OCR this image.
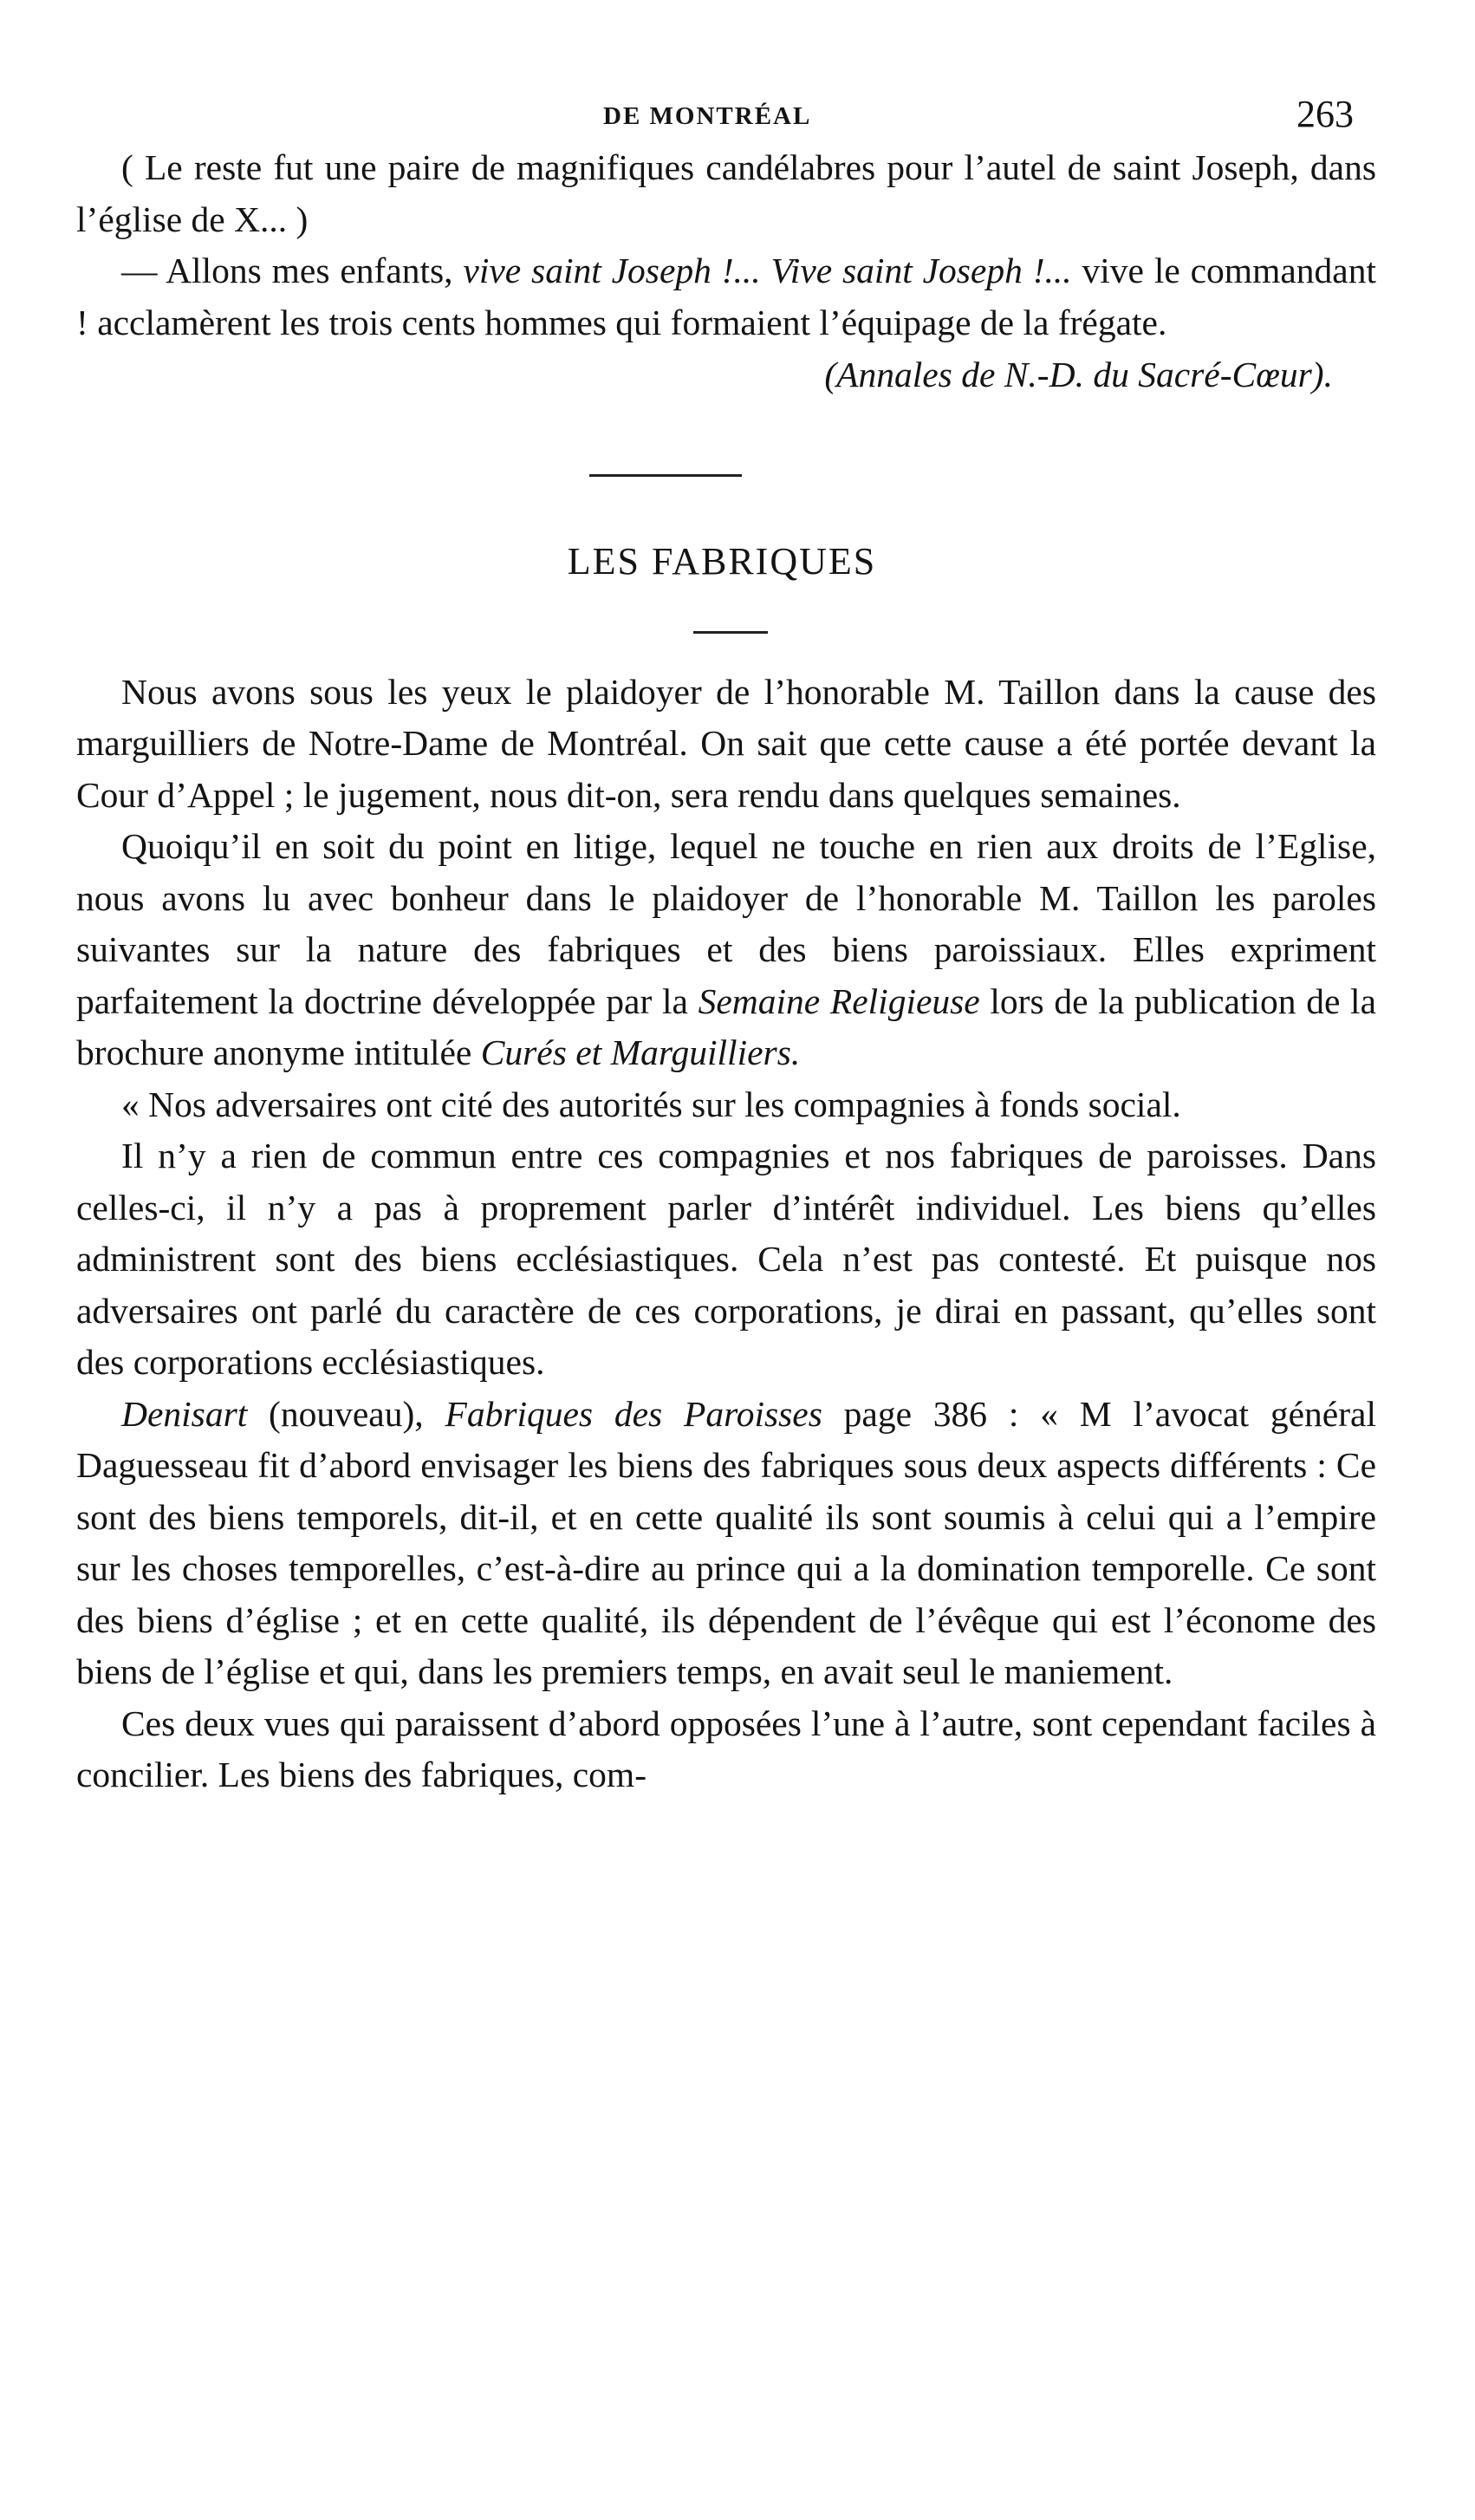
DE MONTRÉAL	263

( Le reste fut une paire de magnifiques candélabres pour l’autel de saint Joseph, dans l’église de X... )

— Allons mes enfants, vive saint Joseph !... Vive saint Joseph !... vive le commandant ! acclamèrent les trois cents hommes qui formaient l’équipage de la frégate.

(Annales de N.-D. du Sacré-Cœur).

LES FABRIQUES

Nous avons sous les yeux le plaidoyer de l’honorable M. Taillon dans la cause des marguilliers de Notre-Dame de Montréal. On sait que cette cause a été portée devant la Cour d’Appel ; le jugement, nous dit-on, sera rendu dans quelques semaines.

Quoiqu’il en soit du point en litige, lequel ne touche en rien aux droits de l’Eglise, nous avons lu avec bonheur dans le plaidoyer de l’honorable M. Taillon les paroles suivantes sur la nature des fabriques et des biens paroissiaux. Elles expriment parfaitement la doctrine développée par la Semaine Religieuse lors de la publication de la brochure anonyme intitulée Curés et Marguilliers.

« Nos adversaires ont cité des autorités sur les compagnies à fonds social.

Il n’y a rien de commun entre ces compagnies et nos fabriques de paroisses. Dans celles-ci, il n’y a pas à proprement parler d’intérêt individuel. Les biens qu’elles administrent sont des biens ecclésiastiques. Cela n’est pas contesté. Et puisque nos adversaires ont parlé du caractère de ces corporations, je dirai en passant, qu’elles sont des corporations ecclésiastiques.

Denisart (nouveau), Fabriques des Paroisses page 386 : « M l’avocat général Daguesseau fit d’abord envisager les biens des fabriques sous deux aspects différents : Ce sont des biens temporels, dit-il, et en cette qualité ils sont soumis à celui qui a l’empire sur les choses temporelles, c’est-à-dire au prince qui a la domination temporelle. Ce sont des biens d’église ; et en cette qualité, ils dépendent de l’évêque qui est l’économe des biens de l’église et qui, dans les premiers temps, en avait seul le maniement.

Ces deux vues qui paraissent d’abord opposées l’une à l’autre, sont cependant faciles à concilier. Les biens des fabriques, com-
